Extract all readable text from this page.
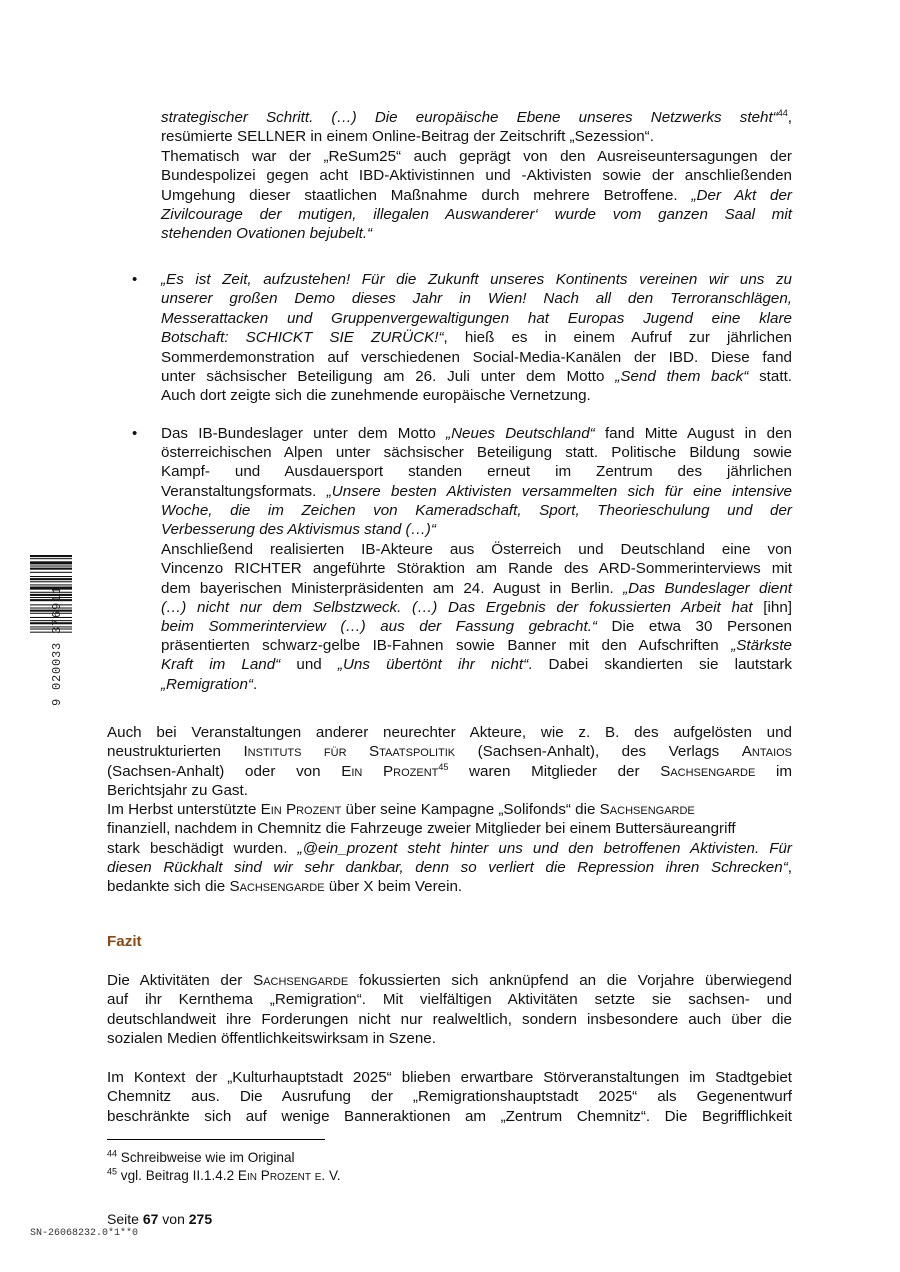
strategischer Schritt. (…) Die europäische Ebene unseres Netzwerks steht“$^{44}$,
resümierte SELLNER in einem Online-Beitrag der Zeitschrift „Sezession“.
Thematisch war der „ReSum25“ auch geprägt von den Ausreiseuntersagungen der
Bundespolizei gegen acht IBD-Aktivistinnen und -Aktivisten sowie der anschließenden
Umgehung dieser staatlichen Maßnahme durch mehrere Betroffene. „Der Akt der
Zivilcourage der mutigen, illegalen Auswanderer‘ wurde vom ganzen Saal mit
stehenden Ovationen bejubelt.“
• „Es ist Zeit, aufzustehen! Für die Zukunft unseres Kontinents vereinen wir uns zu
unserer großen Demo dieses Jahr in Wien! Nach all den Terroranschlägen,
Messerattacken und Gruppenvergewaltigungen hat Europas Jugend eine klare
Botschaft: SCHICKT SIE ZURÜCK!“, hieß es in einem Aufruf zur jährlichen
Sommerdemonstration auf verschiedenen Social-Media-Kanälen der IBD. Diese fand
unter sächsischer Beteiligung am 26. Juli unter dem Motto „Send them back“ statt.
Auch dort zeigte sich die zunehmende europäische Vernetzung.
• Das IB-Bundeslager unter dem Motto „Neues Deutschland“ fand Mitte August in den
österreichischen Alpen unter sächsischer Beteiligung statt. Politische Bildung sowie
Kampf- und Ausdauersport standen erneut im Zentrum des jährlichen
Veranstaltungsformats. „Unsere besten Aktivisten versammelten sich für eine intensive
Woche, die im Zeichen von Kameradschaft, Sport, Theorieschulung und der
Verbesserung des Aktivismus stand (…)“
Anschließend realisierten IB-Akteure aus Österreich und Deutschland eine von
Vincenzo RICHTER angeführte Störaktion am Rande des ARD-Sommerinterviews mit
dem bayerischen Ministerpräsidenten am 24. August in Berlin. „Das Bundeslager dient
(…) nicht nur dem Selbstzweck. (…) Das Ergebnis der fokussierten Arbeit hat [ihn]
beim Sommerinterview (…) aus der Fassung gebracht.“ Die etwa 30 Personen
präsentierten schwarz-gelbe IB-Fahnen sowie Banner mit den Aufschriften „Stärkste
Kraft im Land“ und „Uns übertönt ihr nicht“. Dabei skandierten sie lautstark
„Remigration“.
Auch bei Veranstaltungen anderer neurechter Akteure, wie z. B. des aufgelösten und
neustrukturierten Instituts für Staatspolitik (Sachsen-Anhalt), des Verlags Antaios
(Sachsen-Anhalt) oder von Ein Prozent$^{45}$ waren Mitglieder der Sachsengarde im
Berichtsjahr zu Gast.
Im Herbst unterstützte Ein Prozent über seine Kampagne „Solifonds“ die Sachsengarde
finanziell, nachdem in Chemnitz die Fahrzeuge zweier Mitglieder bei einem Buttersäureangriff
stark beschädigt wurden. „@ein_prozent steht hinter uns und den betroffenen Aktivisten. Für
diesen Rückhalt sind wir sehr dankbar, denn so verliert die Repression ihren Schrecken“,
bedankte sich die Sachsengarde über X beim Verein.
Fazit
Die Aktivitäten der Sachsengarde fokussierten sich anknüpfend an die Vorjahre überwiegend
auf ihr Kernthema „Remigration“. Mit vielfältigen Aktivitäten setzte sie sachsen- und
deutschlandweit ihre Forderungen nicht nur realweltlich, sondern insbesondere auch über die
sozialen Medien öffentlichkeitswirksam in Szene.
Im Kontext der „Kulturhauptstadt 2025“ blieben erwartbare Störveranstaltungen im Stadtgebiet
Chemnitz aus. Die Ausrufung der „Remigrationshauptstadt 2025“ als Gegenentwurf
beschränkte sich auf wenige Banneraktionen am „Zentrum Chemnitz“. Die Begrifflichkeit
$^{44}$ Schreibweise wie im Original
$^{45}$ vgl. Beitrag II.1.4.2 Ein Prozent e. V.
Seite 67 von 275
SN-26068232.0*1**0
9 020033 376911
